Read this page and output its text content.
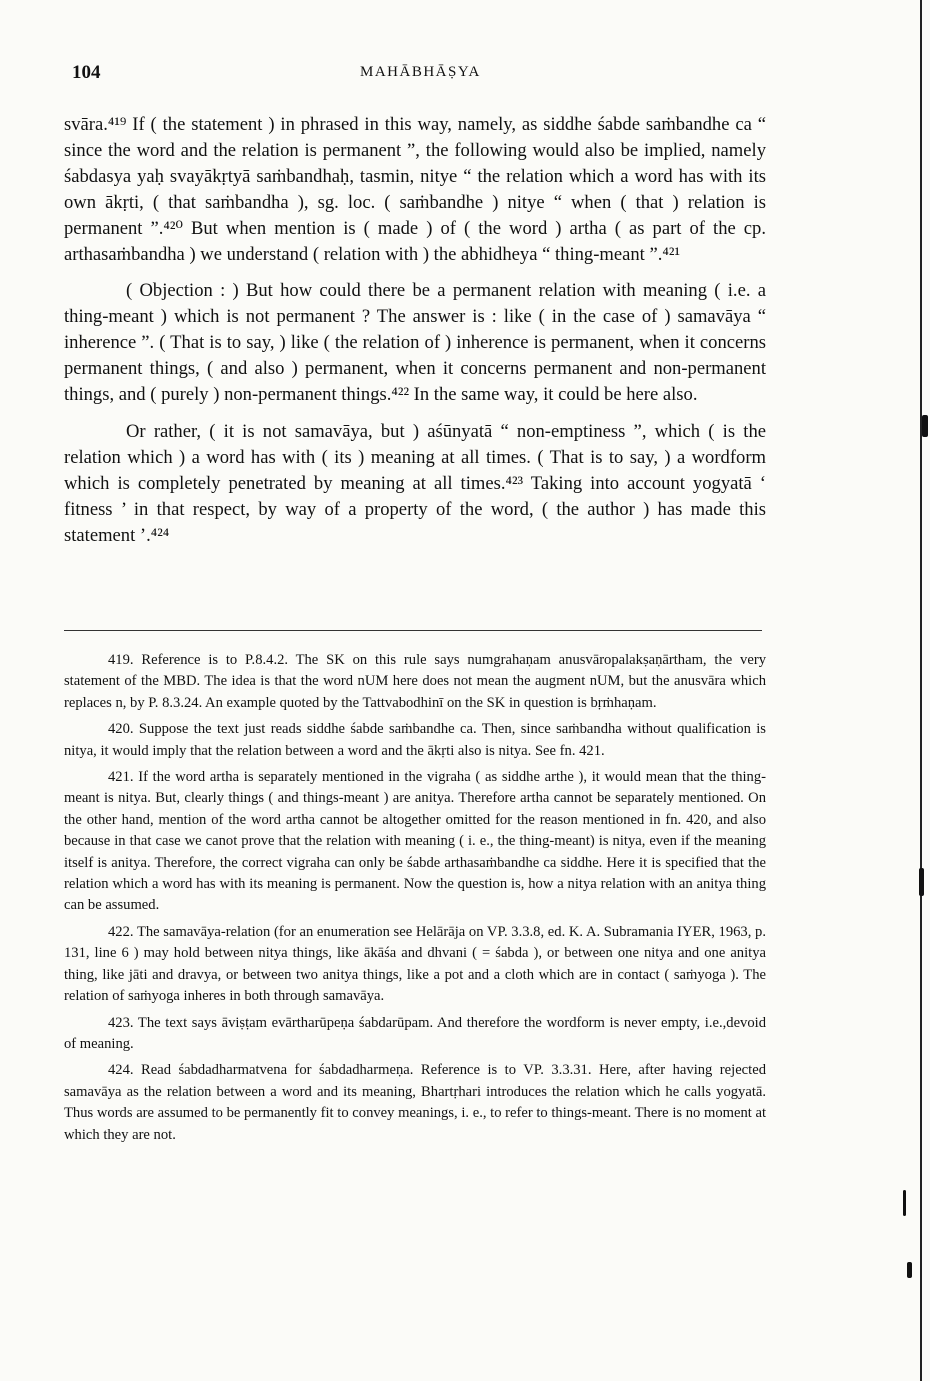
104	MAHĀBHĀṢYA

svāra.⁴¹⁹ If ( the statement ) in phrased in this way, namely, as siddhe śabde saṁbandhe ca “ since the word and the relation is permanent ”, the following would also be implied, namely śabdasya yaḥ svayākṛtyā saṁbandhaḥ, tasmin, nitye “ the relation which a word has with its own ākṛti, ( that saṁbandha ), sg. loc. ( saṁbandhe ) nitye “ when ( that ) relation is permanent ”.⁴²⁰ But when mention is ( made ) of ( the word ) artha ( as part of the cp. arthasaṁbandha ) we understand ( relation with ) the abhidheya “ thing-meant ”.⁴²¹

( Objection : ) But how could there be a permanent relation with meaning ( i.e. a thing-meant ) which is not permanent ? The answer is : like ( in the case of ) samavāya “ inherence ”. ( That is to say, ) like ( the relation of ) inherence is permanent, when it concerns permanent things, ( and also ) permanent, when it concerns permanent and non-permanent things, and ( purely ) non-permanent things.⁴²² In the same way, it could be here also.

Or rather, ( it is not samavāya, but ) aśūnyatā “ non-emptiness ”, which ( is the relation which ) a word has with ( its ) meaning at all times. ( That is to say, ) a wordform which is completely penetrated by meaning at all times.⁴²³ Taking into account yogyatā ‘ fitness ’ in that respect, by way of a property of the word, ( the author ) has made this statement ’.⁴²⁴

419. Reference is to P.8.4.2. The SK on this rule says numgrahaṇam anusvāropalakṣaṇārtham, the very statement of the MBD. The idea is that the word nUM here does not mean the augment nUM, but the anusvāra which replaces n, by P. 8.3.24. An example quoted by the Tattvabodhinī on the SK in question is bṛṁhaṇam.

420. Suppose the text just reads siddhe śabde saṁbandhe ca. Then, since saṁbandha without qualification is nitya, it would imply that the relation between a word and the ākṛti also is nitya. See fn. 421.

421. If the word artha is separately mentioned in the vigraha ( as siddhe arthe ), it would mean that the thing-meant is nitya. But, clearly things ( and things-meant ) are anitya. Therefore artha cannot be separately mentioned. On the other hand, mention of the word artha cannot be altogether omitted for the reason mentioned in fn. 420, and also because in that case we canot prove that the relation with meaning ( i. e., the thing-meant) is nitya, even if the meaning itself is anitya. Therefore, the correct vigraha can only be śabde arthasaṁbandhe ca siddhe. Here it is specified that the relation which a word has with its meaning is permanent. Now the question is, how a nitya relation with an anitya thing can be assumed.

422. The samavāya-relation (for an enumeration see Helārāja on VP. 3.3.8, ed. K. A. Subramania IYER, 1963, p. 131, line 6 ) may hold between nitya things, like ākāśa and dhvani ( = śabda ), or between one nitya and one anitya thing, like jāti and dravya, or between two anitya things, like a pot and a cloth which are in contact ( saṁyoga ). The relation of saṁyoga inheres in both through samavāya.

423. The text says āviṣṭam evārtharūpeṇa śabdarūpam. And therefore the wordform is never empty, i.e.,devoid of meaning.

424. Read śabdadharmatvena for śabdadharmeṇa. Reference is to VP. 3.3.31. Here, after having rejected samavāya as the relation between a word and its meaning, Bhartṛhari introduces the relation which he calls yogyatā. Thus words are assumed to be permanently fit to convey meanings, i. e., to refer to things-meant. There is no moment at which they are not.
